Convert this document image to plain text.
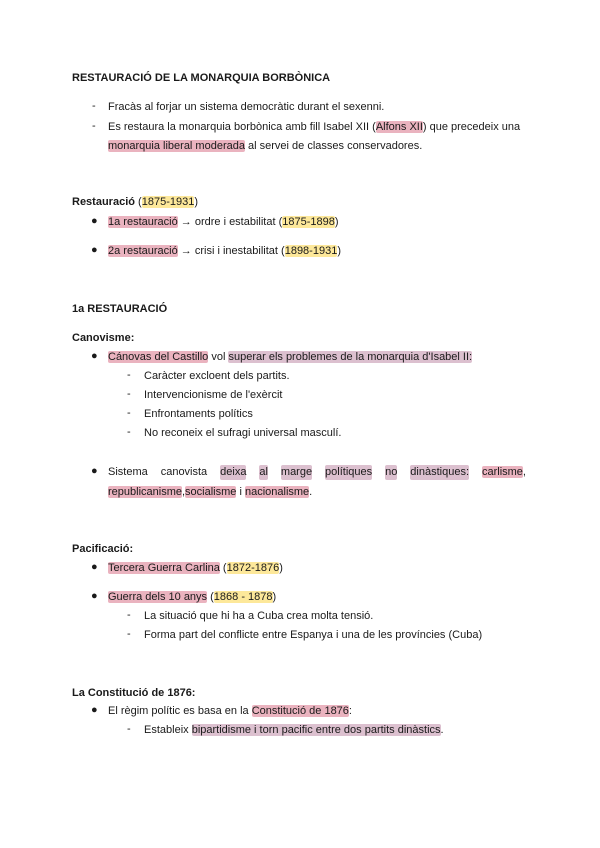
RESTAURACIÓ DE LA MONARQUIA BORBÒNICA
- Fracàs al forjar un sistema democràtic durant el sexenni.
- Es restaura la monarquia borbònica amb fill Isabel XII (Alfons XII) que precedeix una
monarquia liberal moderada al servei de classes conservadores.
Restauració (1875-1931)
● 1a restauració → ordre i estabilitat (1875-1898)
● 2a restauració → crisi i inestabilitat (1898-1931)
1a RESTAURACIÓ
Canovisme:
● Cánovas del Castillo vol superar els problemes de la monarquia d'Isabel II:
- Caràcter excloent dels partits.
- Intervencionisme de l'exèrcit
- Enfrontaments polítics
- No reconeix el sufragi universal masculí.
● Sistema canovista deixa al marge polítiques no dinàstiques: carlisme,
republicanisme,socialisme i nacionalisme.
Pacificació:
● Tercera Guerra Carlina (1872-1876)
● Guerra dels 10 anys (1868 - 1878)
- La situació que hi ha a Cuba crea molta tensió.
- Forma part del conflicte entre Espanya i una de les províncies (Cuba)
La Constitució de 1876:
● El règim polític es basa en la Constitució de 1876:
- Estableix bipartidisme i torn pacific entre dos partits dinàstics.
